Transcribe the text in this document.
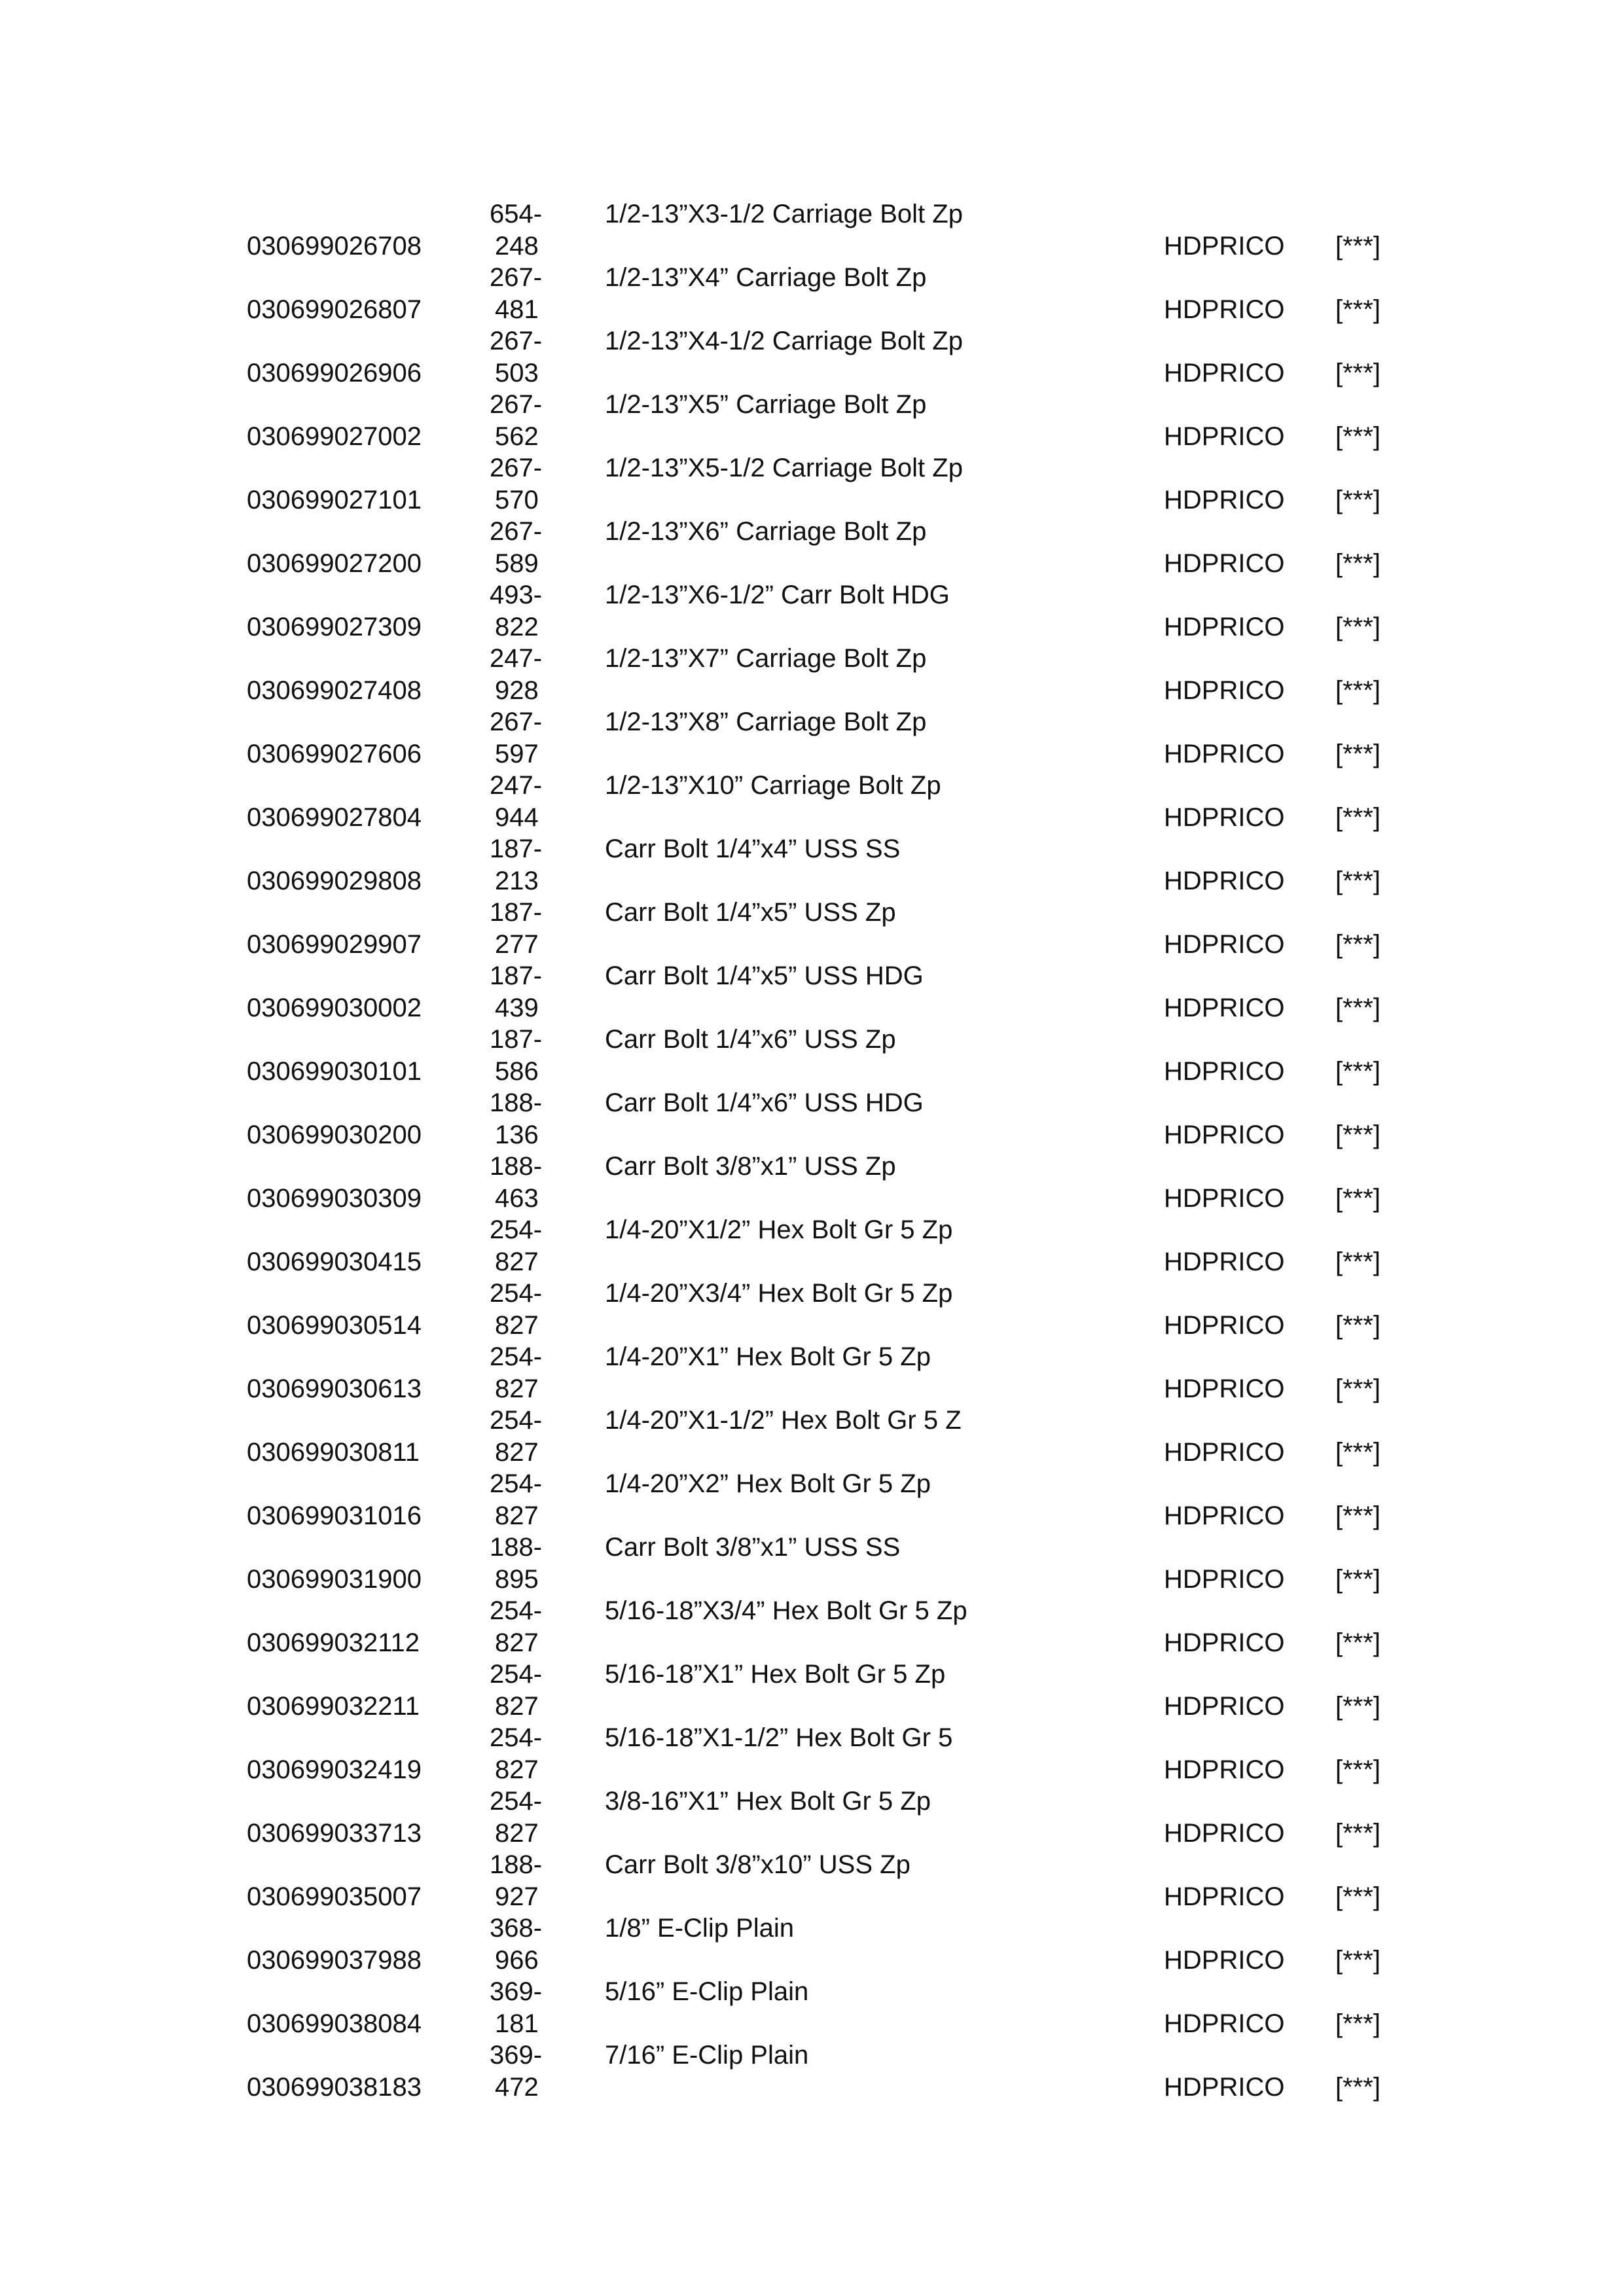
030699026708
654-
248
1/2-13”X3-1/2 Carriage Bolt Zp
HDPRICO [***]
030699026807
267-
481
1/2-13”X4” Carriage Bolt Zp
HDPRICO [***]
030699026906
267-
503
1/2-13”X4-1/2 Carriage Bolt Zp
HDPRICO [***]
030699027002
267-
562
1/2-13”X5” Carriage Bolt Zp
HDPRICO [***]
030699027101
267-
570
1/2-13”X5-1/2 Carriage Bolt Zp
HDPRICO [***]
030699027200
267-
589
1/2-13”X6” Carriage Bolt Zp
HDPRICO [***]
030699027309
493-
822
1/2-13”X6-1/2” Carr Bolt HDG
HDPRICO [***]
030699027408
247-
928
1/2-13”X7” Carriage Bolt Zp
HDPRICO [***]
030699027606
267-
597
1/2-13”X8” Carriage Bolt Zp
HDPRICO [***]
030699027804
247-
944
1/2-13”X10” Carriage Bolt Zp
HDPRICO [***]
030699029808
187-
213
Carr Bolt 1/4”x4” USS SS
HDPRICO [***]
030699029907
187-
277
Carr Bolt 1/4”x5” USS Zp
HDPRICO [***]
030699030002
187-
439
Carr Bolt 1/4”x5” USS HDG
HDPRICO [***]
030699030101
187-
586
Carr Bolt 1/4”x6” USS Zp
HDPRICO [***]
030699030200
188-
136
Carr Bolt 1/4”x6” USS HDG
HDPRICO [***]
030699030309
188-
463
Carr Bolt 3/8”x1” USS Zp
HDPRICO [***]
030699030415
254-
827
1/4-20”X1/2” Hex Bolt Gr 5 Zp
HDPRICO [***]
030699030514
254-
827
1/4-20”X3/4” Hex Bolt Gr 5 Zp
HDPRICO [***]
030699030613
254-
827
1/4-20”X1” Hex Bolt Gr 5 Zp
HDPRICO [***]
030699030811
254-
827
1/4-20”X1-1/2” Hex Bolt Gr 5 Z
HDPRICO [***]
030699031016
254-
827
1/4-20”X2” Hex Bolt Gr 5 Zp
HDPRICO [***]
030699031900
188-
895
Carr Bolt 3/8”x1” USS SS
HDPRICO [***]
030699032112
254-
827
5/16-18”X3/4” Hex Bolt Gr 5 Zp
HDPRICO [***]
030699032211
254-
827
5/16-18”X1” Hex Bolt Gr 5 Zp
HDPRICO [***]
030699032419
254-
827
5/16-18”X1-1/2” Hex Bolt Gr 5
HDPRICO [***]
030699033713
254-
827
3/8-16”X1” Hex Bolt Gr 5 Zp
HDPRICO [***]
030699035007
188-
927
Carr Bolt 3/8”x10” USS Zp
HDPRICO [***]
030699037988
368-
966
1/8” E-Clip Plain
HDPRICO [***]
030699038084
369-
181
5/16” E-Clip Plain
HDPRICO [***]
030699038183
369-
472
7/16” E-Clip Plain
HDPRICO [***]
